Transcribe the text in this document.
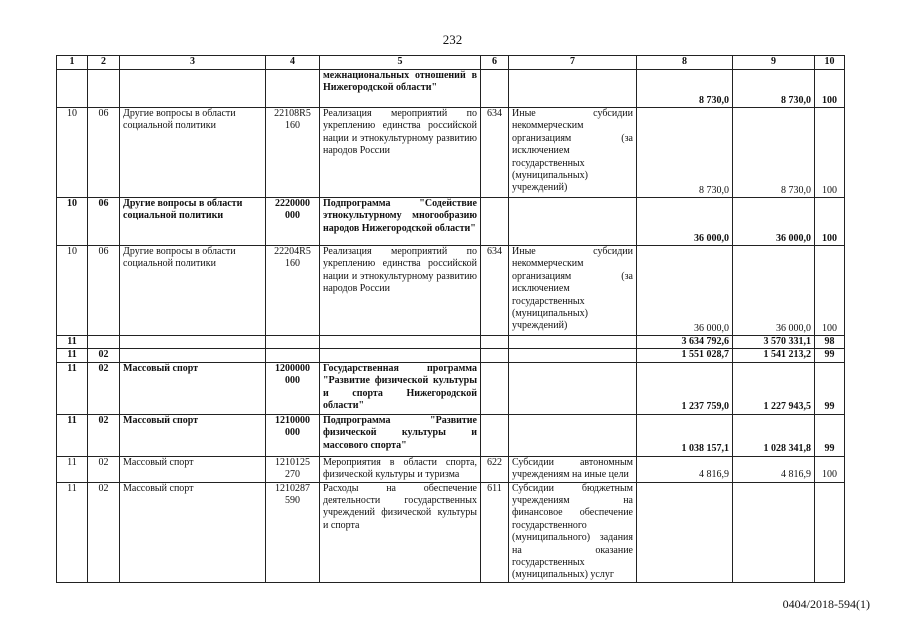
232
1	2	3	4	5	6	7	8	9	10
				межнациональных отношений в Нижегородской области"			8 730,0	8 730,0	100
10	06	Другие вопросы в области социальной политики	22108R5 160	Реализация мероприятий по укреплению единства российской нации и этнокультурному развитию народов России	634	Иные субсидии некоммерческим организациям (за исключением государственных (муниципальных) учреждений)	8 730,0	8 730,0	100
10	06	Другие вопросы в области социальной политики	2220000 000	Подпрограмма "Содействие этнокультурному многообразию народов Нижегородской области"			36 000,0	36 000,0	100
10	06	Другие вопросы в области социальной политики	22204R5 160	Реализация мероприятий по укреплению единства российской нации и этнокультурному развитию народов России	634	Иные субсидии некоммерческим организациям (за исключением государственных (муниципальных) учреждений)	36 000,0	36 000,0	100
11							3 634 792,6	3 570 331,1	98
11	02						1 551 028,7	1 541 213,2	99
11	02	Массовый спорт	1200000 000	Государственная программа "Развитие физической культуры и спорта Нижегородской области"			1 237 759,0	1 227 943,5	99
11	02	Массовый спорт	1210000 000	Подпрограмма "Развитие физической культуры и массового спорта"			1 038 157,1	1 028 341,8	99
11	02	Массовый спорт	1210125 270	Мероприятия в области спорта, физической культуры и туризма	622	Субсидии автономным учреждениям на иные цели	4 816,9	4 816,9	100
11	02	Массовый спорт	1210287 590	Расходы на обеспечение деятельности государственных учреждений физической культуры и спорта	611	Субсидии бюджетным учреждениям на финансовое обеспечение государственного (муниципального) задания на оказание государственных (муниципальных) услуг			
0404/2018-594(1)
